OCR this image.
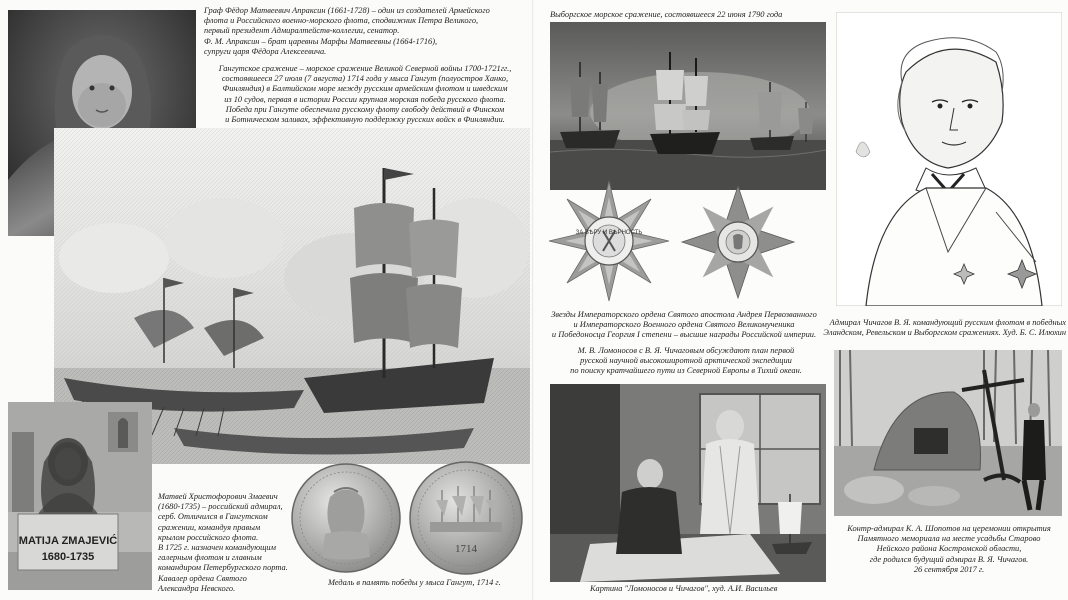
Граф Фёдор Матвеевич Апраксин (1661-1728) – один из создателей Армейского
флота и Российского военно-морского флота, сподвижник Петра Великого,
первый президент Адмиралтейств-коллегии, сенатор.
Ф. М. Апраксин – брат царевны Марфы Матвеевны (1664-1716),
супруги царя Фёдора Алексеевича.
Гангутское сражение – морское сражение Великой Северной войны 1700-1721гг.,
состоявшееся 27 июля (7 августа) 1714 года у мыса Гангут (полуостров Ханко,
Финляндия) в Балтийском море между русским армейским флотом и шведским
из 10 судов, первая в истории России крупная морская победа русского флота.
Победа при Гангуте обеспечила русскому флоту свободу действий в Финском
и Ботническом заливах, эффективную поддержку русских войск в Финляндии.
MATIJA ZMAJEVIĆ
1680-1735
Матвей Христофорович Змаевич
(1680-1735) – российский адмирал,
серб. Отличился в Гангутском
сражении, командуя правым
крылом российского флота.
В 1725 г. назначен командующим
галерным флотом и главным
командиром Петербургского порта.
Кавалер ордена Святого
Александра Невского.
1714
Медаль в память победы у мыса Гангут, 1714 г.
Выборгское морское сражение, состоявшееся 22 июня 1790 года
ЗА ВѢРУ И ВѢРНОСТЬ
Звезды Императорского ордена Святого апостола Андрея Первозванного
и Императорского Военного ордена Святого Великомученика
и Победоносца Георгия I степени – высшие награды Российской империи.
Адмирал Чичагов В. Я. командующий русским флотом в победных
Эландском, Ревельском и Выборгском сражениях. Худ. Б. С. Илюхин
М. В. Ломоносов с В. Я. Чичаговым обсуждают план первой
русской научной высокоширотной арктической экспедиции
по поиску кратчайшего пути из Северной Европы в Тихий океан.
Картина "Ломоносов и Чичагов", худ. А.И. Васильев
Контр-адмирал К. А. Шопотов на церемонии открытия
Памятного мемориала на месте усадьбы Старово
Нейского района Костромской области,
где родился будущий адмирал В. Я. Чичагов.
26 сентября 2017 г.
